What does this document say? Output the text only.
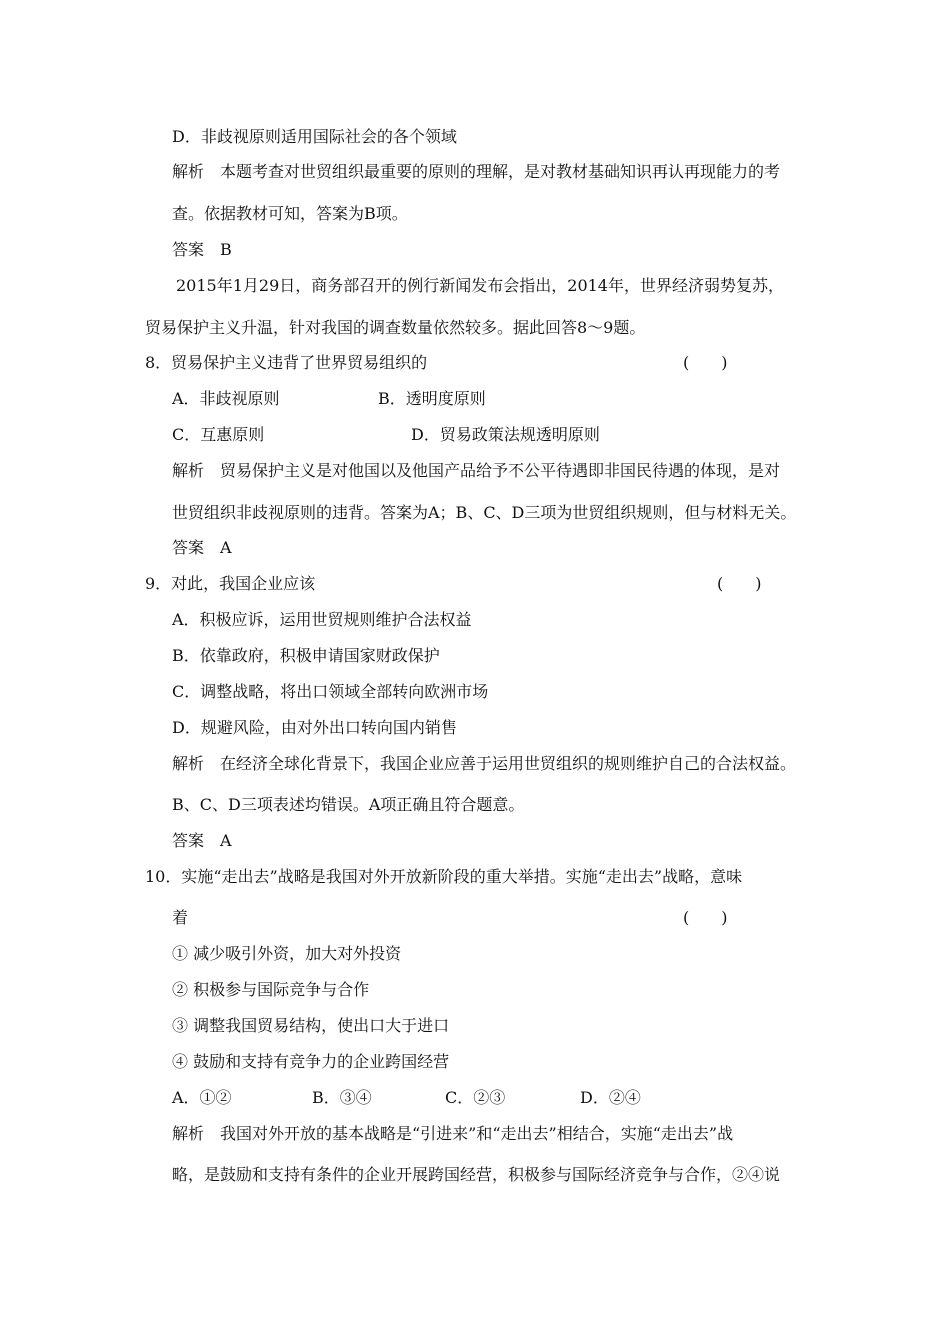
D．非歧视原则适用国际社会的各个领域
解析　本题考查对世贸组织最重要的原则的理解，是对教材基础知识再认再现能力的考
查。依据教材可知，答案为B项。
答案　B
2015年1月29日，商务部召开的例行新闻发布会指出，2014年，世界经济弱势复苏，
贸易保护主义升温，针对我国的调查数量依然较多。据此回答8～9题。
8．贸易保护主义违背了世界贸易组织的	(　　)
A．非歧视原则	B．透明度原则
C．互惠原则	D．贸易政策法规透明原则
解析　贸易保护主义是对他国以及他国产品给予不公平待遇即非国民待遇的体现，是对
世贸组织非歧视原则的违背。答案为A；B、C、D三项为世贸组织规则，但与材料无关。
答案　A
9．对此，我国企业应该	(　　)
A．积极应诉，运用世贸规则维护合法权益
B．依靠政府，积极申请国家财政保护
C．调整战略，将出口领域全部转向欧洲市场
D．规避风险，由对外出口转向国内销售
解析　在经济全球化背景下，我国企业应善于运用世贸组织的规则维护自己的合法权益。
B、C、D三项表述均错误。A项正确且符合题意。
答案　A
10．实施“走出去”战略是我国对外开放新阶段的重大举措。实施“走出去”战略，意味
着	(　　)
① 减少吸引外资，加大对外投资
② 积极参与国际竞争与合作
③ 调整我国贸易结构，使出口大于进口
④ 鼓励和支持有竞争力的企业跨国经营
A．①②	B．③④	C．②③	D．②④
解析　我国对外开放的基本战略是“引进来”和“走出去”相结合，实施“走出去”战
略，是鼓励和支持有条件的企业开展跨国经营，积极参与国际经济竞争与合作，②④说
